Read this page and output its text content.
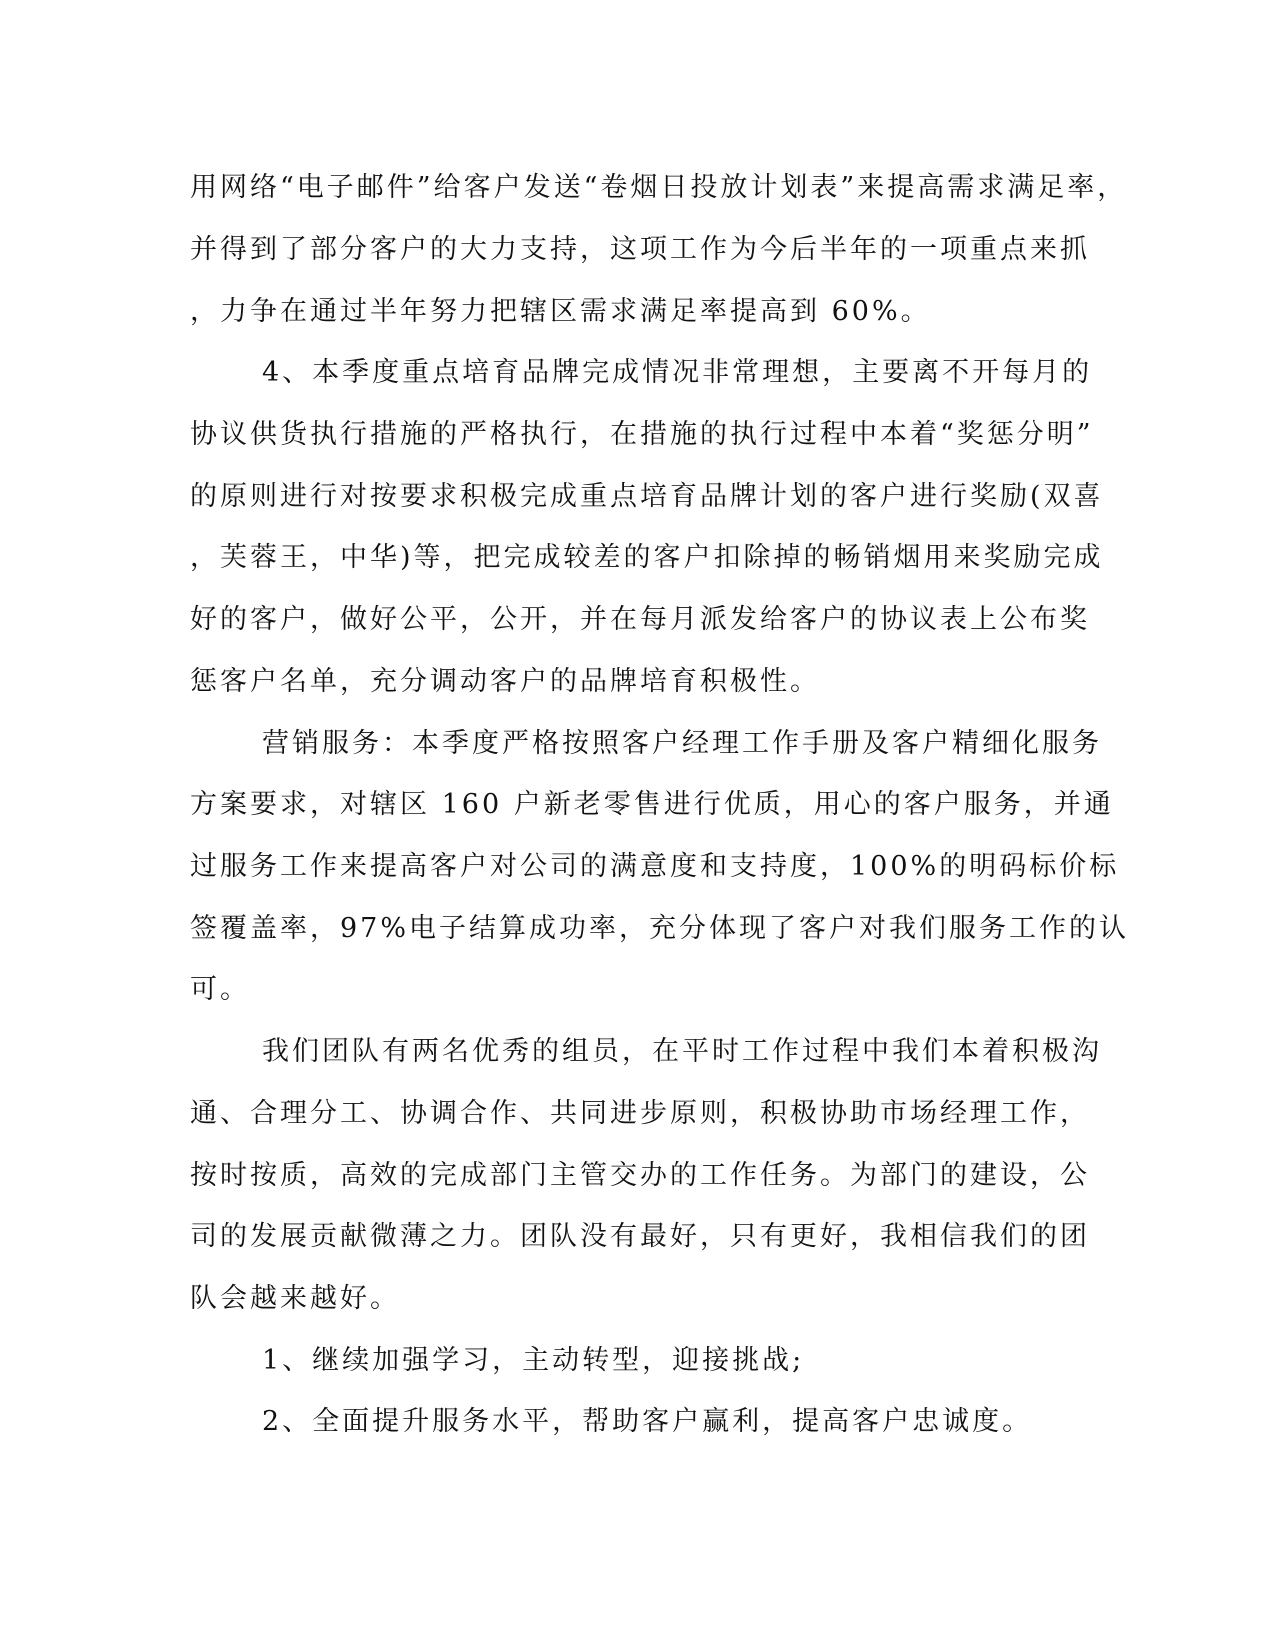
用网络“电子邮件”给客户发送“卷烟日投放计划表”来提高需求满足率，
并得到了部分客户的大力支持，这项工作为今后半年的一项重点来抓
，力争在通过半年努力把辖区需求满足率提高到 60%。
4、本季度重点培育品牌完成情况非常理想，主要离不开每月的
协议供货执行措施的严格执行，在措施的执行过程中本着“奖惩分明”
的原则进行对按要求积极完成重点培育品牌计划的客户进行奖励(双喜
，芙蓉王，中华)等，把完成较差的客户扣除掉的畅销烟用来奖励完成
好的客户，做好公平，公开，并在每月派发给客户的协议表上公布奖
惩客户名单，充分调动客户的品牌培育积极性。
营销服务：本季度严格按照客户经理工作手册及客户精细化服务
方案要求，对辖区 160 户新老零售进行优质，用心的客户服务，并通
过服务工作来提高客户对公司的满意度和支持度，100%的明码标价标
签覆盖率，97%电子结算成功率，充分体现了客户对我们服务工作的认
可。
我们团队有两名优秀的组员，在平时工作过程中我们本着积极沟
通、合理分工、协调合作、共同进步原则，积极协助市场经理工作，
按时按质，高效的完成部门主管交办的工作任务。为部门的建设，公
司的发展贡献微薄之力。团队没有最好，只有更好，我相信我们的团
队会越来越好。
1、继续加强学习，主动转型，迎接挑战;
2、全面提升服务水平，帮助客户赢利，提高客户忠诚度。
